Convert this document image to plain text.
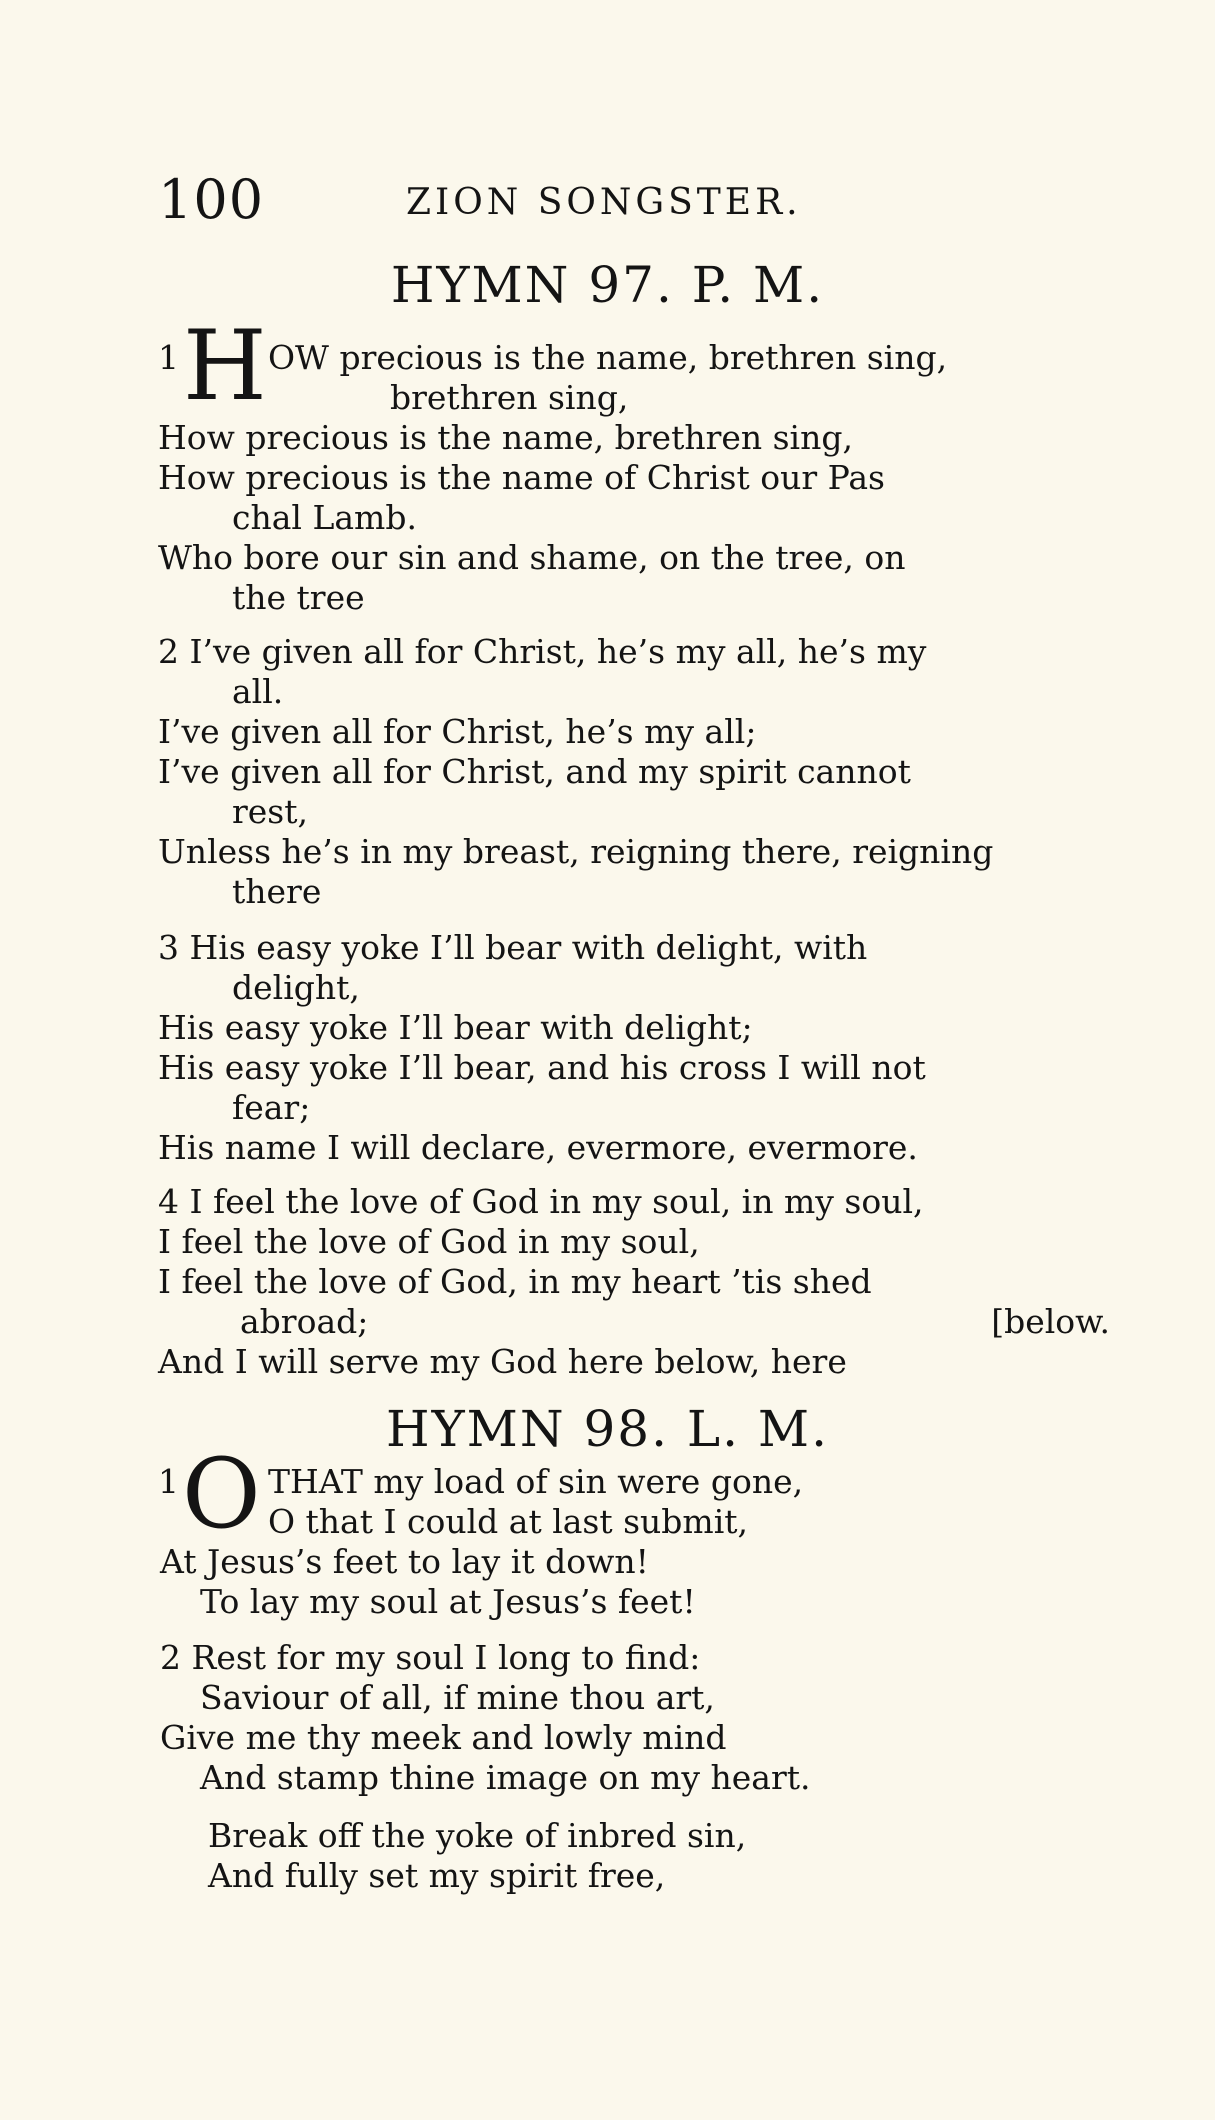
100	ZION SONGSTER.
HYMN 97. P. M.
1 H OW precious is the name, brethren sing,
brethren sing,
How precious is the name, brethren sing,
How precious is the name of Christ our Pas
chal Lamb.
Who bore our sin and shame, on the tree, on
the tree
2 I’ve given all for Christ, he’s my all, he’s my
all.
I’ve given all for Christ, he’s my all;
I’ve given all for Christ, and my spirit cannot
rest,
Unless he’s in my breast, reigning there, reigning
there
3 His easy yoke I’ll bear with delight, with
delight,
His easy yoke I’ll bear with delight;
His easy yoke I’ll bear, and his cross I will not
fear;
His name I will declare, evermore, evermore.
4 I feel the love of God in my soul, in my soul,
I feel the love of God in my soul,
I feel the love of God, in my heart ’tis shed
abroad;	[below.
And I will serve my God here below, here
HYMN 98. L. M.
1 O THAT my load of sin were gone,
O that I could at last submit,
At Jesus’s feet to lay it down!
To lay my soul at Jesus’s feet!
2 Rest for my soul I long to find:
Saviour of all, if mine thou art,
Give me thy meek and lowly mind
And stamp thine image on my heart.
Break off the yoke of inbred sin,
And fully set my spirit free,
